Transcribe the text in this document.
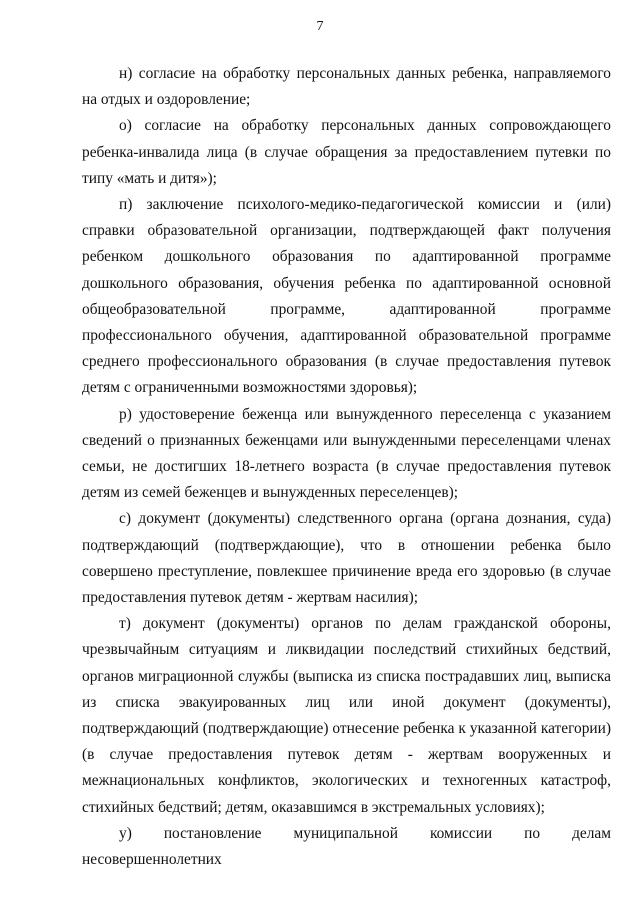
7

н) согласие на обработку персональных данных ребенка, направляемого на отдых и оздоровление;

о) согласие на обработку персональных данных сопровождающего ребенка-инвалида лица (в случае обращения за предоставлением путевки по типу «мать и дитя»);

п) заключение психолого-медико-педагогической комиссии и (или) справки образовательной организации, подтверждающей факт получения ребенком дошкольного образования по адаптированной программе дошкольного образования, обучения ребенка по адаптированной основной общеобразовательной программе, адаптированной программе профессионального обучения, адаптированной образовательной программе среднего профессионального образования (в случае предоставления путевок детям с ограниченными возможностями здоровья);

р) удостоверение беженца или вынужденного переселенца с указанием сведений о признанных беженцами или вынужденными переселенцами членах семьи, не достигших 18-летнего возраста (в случае предоставления путевок детям из семей беженцев и вынужденных переселенцев);

с) документ (документы) следственного органа (органа дознания, суда) подтверждающий (подтверждающие), что в отношении ребенка было совершено преступление, повлекшее причинение вреда его здоровью (в случае предоставления путевок детям - жертвам насилия);

т) документ (документы) органов по делам гражданской обороны, чрезвычайным ситуациям и ликвидации последствий стихийных бедствий, органов миграционной службы (выписка из списка пострадавших лиц, выписка из списка эвакуированных лиц или иной документ (документы), подтверждающий (подтверждающие) отнесение ребенка к указанной категории) (в случае предоставления путевок детям - жертвам вооруженных и межнациональных конфликтов, экологических и техногенных катастроф, стихийных бедствий; детям, оказавшимся в экстремальных условиях);

у) постановление муниципальной комиссии по делам несовершеннолетних
